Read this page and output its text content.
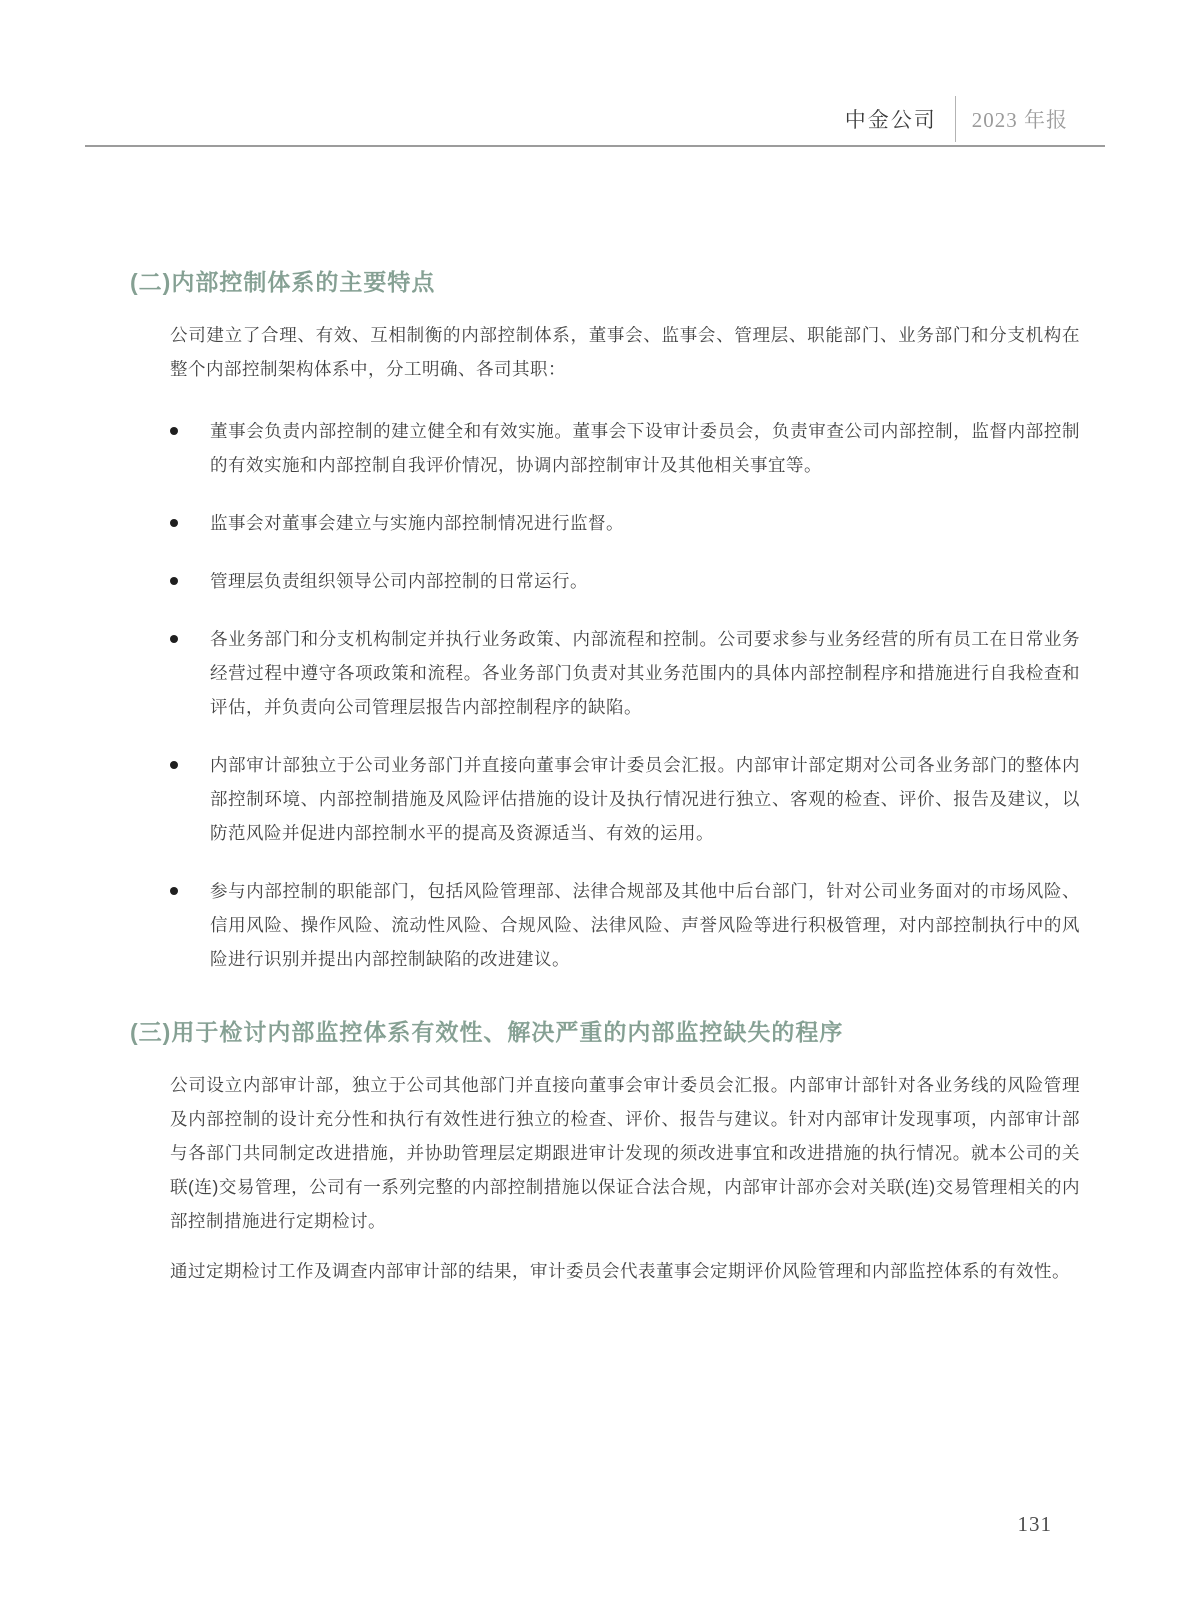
中金公司 2023 年报
(二)内部控制体系的主要特点

公司建立了合理、有效、互相制衡的内部控制体系，董事会、监事会、管理层、职能部门、业务部门和分支机构在整个内部控制架构体系中，分工明确、各司其职：

董事会负责内部控制的建立健全和有效实施。董事会下设审计委员会，负责审查公司内部控制，监督内部控制的有效实施和内部控制自我评价情况，协调内部控制审计及其他相关事宜等。
监事会对董事会建立与实施内部控制情况进行监督。
管理层负责组织领导公司内部控制的日常运行。
各业务部门和分支机构制定并执行业务政策、内部流程和控制。公司要求参与业务经营的所有员工在日常业务经营过程中遵守各项政策和流程。各业务部门负责对其业务范围内的具体内部控制程序和措施进行自我检查和评估，并负责向公司管理层报告内部控制程序的缺陷。
内部审计部独立于公司业务部门并直接向董事会审计委员会汇报。内部审计部定期对公司各业务部门的整体内部控制环境、内部控制措施及风险评估措施的设计及执行情况进行独立、客观的检查、评价、报告及建议，以防范风险并促进内部控制水平的提高及资源适当、有效的运用。
参与内部控制的职能部门，包括风险管理部、法律合规部及其他中后台部门，针对公司业务面对的市场风险、信用风险、操作风险、流动性风险、合规风险、法律风险、声誉风险等进行积极管理，对内部控制执行中的风险进行识别并提出内部控制缺陷的改进建议。
(三)用于检讨内部监控体系有效性、解决严重的内部监控缺失的程序

公司设立内部审计部，独立于公司其他部门并直接向董事会审计委员会汇报。内部审计部针对各业务线的风险管理及内部控制的设计充分性和执行有效性进行独立的检查、评价、报告与建议。针对内部审计发现事项，内部审计部与各部门共同制定改进措施，并协助管理层定期跟进审计发现的须改进事宜和改进措施的执行情况。就本公司的关联(连)交易管理，公司有一系列完整的内部控制措施以保证合法合规，内部审计部亦会对关联(连)交易管理相关的内部控制措施进行定期检讨。

通过定期检讨工作及调查内部审计部的结果，审计委员会代表董事会定期评价风险管理和内部监控体系的有效性。

131
